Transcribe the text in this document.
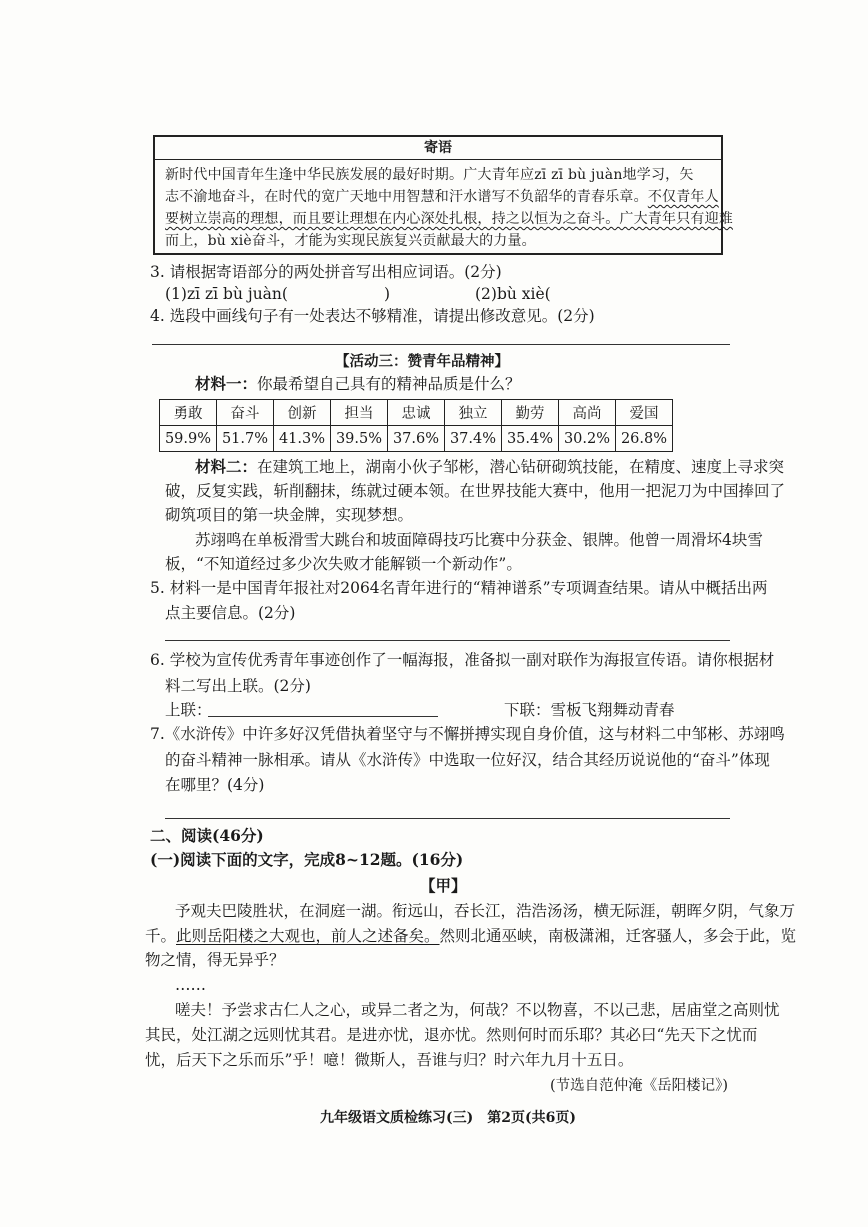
寄语
新时代中国青年生逢中华民族发展的最好时期。广大青年应zī zī bù juàn地学习，矢
志不渝地奋斗，在时代的宽广天地中用智慧和汗水谱写不负韶华的青春乐章。不仅青年人
要树立崇高的理想，而且要让理想在内心深处扎根，持之以恒为之奋斗。广大青年只有迎难
而上，bù xiè奋斗，才能为实现民族复兴贡献最大的力量。
3. 请根据寄语部分的两处拼音写出相应词语。(2分)
(1)zī zī bù juàn(	)	(2)bù xiè(
4. 选段中画线句子有一处表达不够精准，请提出修改意见。(2分)
【活动三：赞青年品精神】
材料一：你最希望自己具有的精神品质是什么？
勇敢	奋斗	创新	担当	忠诚	独立	勤劳	高尚	爱国
59.9%	51.7%	41.3%	39.5%	37.6%	37.4%	35.4%	30.2%	26.8%
材料二：在建筑工地上，湖南小伙子邹彬，潜心钻研砌筑技能，在精度、速度上寻求突
破，反复实践，斩削翻抹，练就过硬本领。在世界技能大赛中，他用一把泥刀为中国捧回了
砌筑项目的第一块金牌，实现梦想。
苏翊鸣在单板滑雪大跳台和坡面障碍技巧比赛中分获金、银牌。他曾一周滑坏4块雪
板，“不知道经过多少次失败才能解锁一个新动作”。
5. 材料一是中国青年报社对2064名青年进行的“精神谱系”专项调查结果。请从中概括出两
点主要信息。(2分)
6. 学校为宣传优秀青年事迹创作了一幅海报，准备拟一副对联作为海报宣传语。请你根据材
料二写出上联。(2分)
上联：	下联：雪板飞翔舞动青春
7.《水浒传》中许多好汉凭借执着坚守与不懈拼搏实现自身价值，这与材料二中邹彬、苏翊鸣
的奋斗精神一脉相承。请从《水浒传》中选取一位好汉，结合其经历说说他的“奋斗”体现
在哪里？(4分)
二、阅读(46分)
(一)阅读下面的文字，完成8~12题。(16分)
【甲】
予观夫巴陵胜状，在洞庭一湖。衔远山，吞长江，浩浩汤汤，横无际涯，朝晖夕阴，气象万
千。此则岳阳楼之大观也，前人之述备矣。然则北通巫峡，南极潇湘，迁客骚人，多会于此，览
物之情，得无异乎？
……
嗟夫！予尝求古仁人之心，或异二者之为，何哉？不以物喜，不以己悲，居庙堂之高则忧
其民，处江湖之远则忧其君。是进亦忧，退亦忧。然则何时而乐耶？其必曰“先天下之忧而
忧，后天下之乐而乐”乎！噫！微斯人，吾谁与归？时六年九月十五日。
(节选自范仲淹《岳阳楼记》)
九年级语文质检练习(三)　第2页(共6页)
